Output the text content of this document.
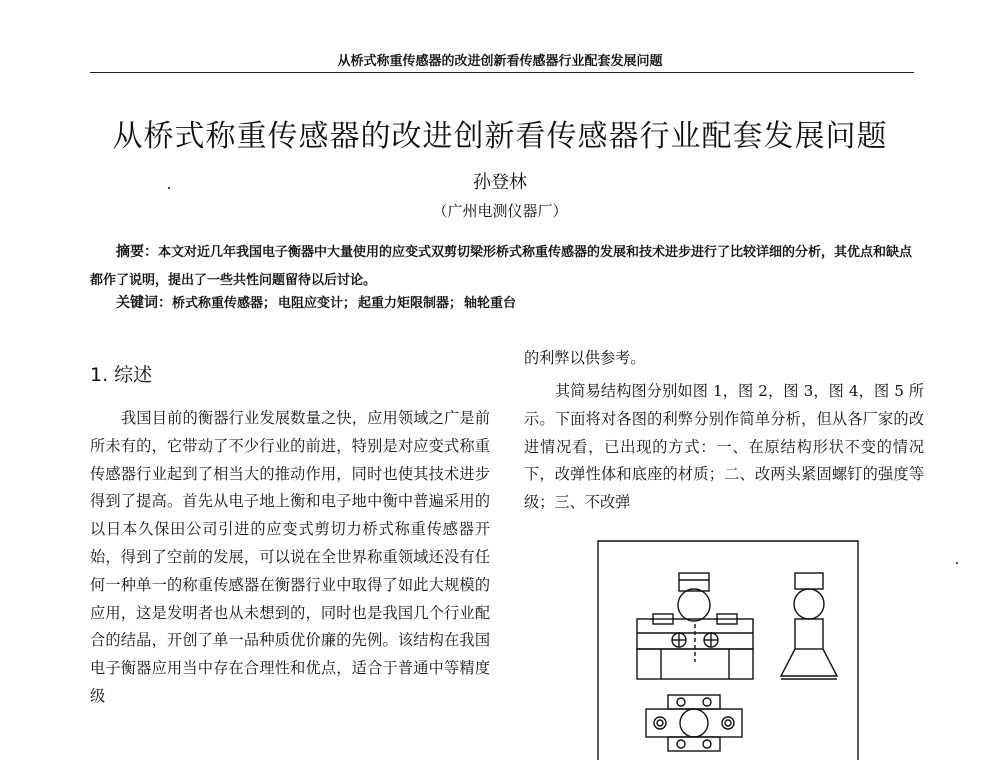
从桥式称重传感器的改进创新看传感器行业配套发展问题
从桥式称重传感器的改进创新看传感器行业配套发展问题
孙登林
（广州电测仪器厂）

摘要：本文对近几年我国电子衡器中大量使用的应变式双剪切梁形桥式称重传感器的发展和技术进步进行了比较详细的分析，其优点和缺点都作了说明，提出了一些共性问题留待以后讨论。

关键词：桥式称重传感器； 电阻应变计； 起重力矩限制器； 轴轮重台

1. 综述

我国目前的衡器行业发展数量之快，应用领域之广是前所未有的，它带动了不少行业的前进，特别是对应变式称重传感器行业起到了相当大的推动作用，同时也使其技术进步得到了提高。首先从电子地上衡和电子地中衡中普遍采用的以日本久保田公司引进的应变式剪切力桥式称重传感器开始，得到了空前的发展，可以说在全世界称重领域还没有任何一种单一的称重传感器在衡器行业中取得了如此大规模的应用，这是发明者也从未想到的，同时也是我国几个行业配合的结晶，开创了单一品种质优价廉的先例。该结构在我国电子衡器应用当中存在合理性和优点，适合于普通中等精度级

的利弊以供参考。

其简易结构图分别如图 1，图 2，图 3，图 4，图 5 所示。下面将对各图的利弊分别作简单分析，但从各厂家的改进情况看，已出现的方式：一、在原结构形状不变的情况下，改弹性体和底座的材质；二、改两头紧固螺钉的强度等级；三、不改弹
